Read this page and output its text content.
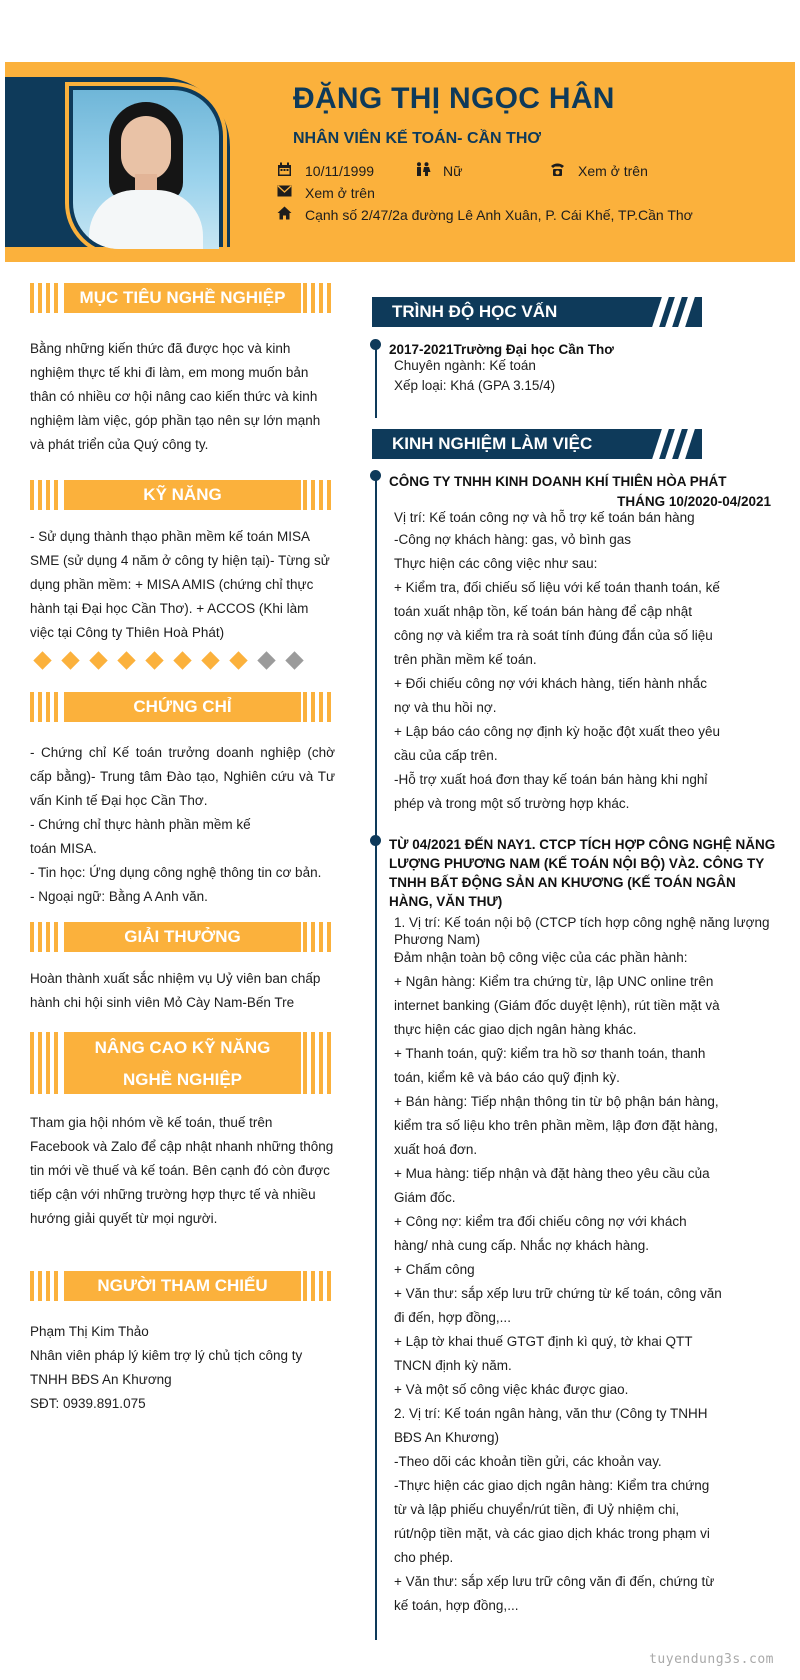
ĐẶNG THỊ NGỌC HÂN
NHÂN VIÊN KẾ TOÁN- CẦN THƠ
10/11/1999	Nữ	Xem ở trên
Xem ở trên
Cạnh số 2/47/2a đường Lê Anh Xuân, P. Cái Khế, TP.Cần Thơ
MỤC TIÊU NGHỀ NGHIỆP
Bằng những kiến thức đã được học và kinh nghiệm thực tế khi đi làm, em mong muốn bản thân có nhiều cơ hội nâng cao kiến thức và kinh nghiệm làm việc, góp phần tạo nên sự lớn mạnh và phát triển của Quý công ty.
KỸ NĂNG
- Sử dụng thành thạo phần mềm kế toán MISA SME (sử dụng 4 năm ở công ty hiện tại)- Từng sử dụng phần mềm: + MISA AMIS (chứng chỉ thực hành tại Đại học Cần Thơ). + ACCOS (Khi làm việc tại Công ty Thiên Hoà Phát)
CHỨNG CHỈ
- Chứng chỉ Kế toán trưởng doanh nghiệp (chờ cấp bằng)- Trung tâm Đào tạo, Nghiên cứu và Tư vấn Kinh tế Đại học Cần Thơ.
- Chứng chỉ thực hành phần mềm kế toán MISA.
- Tin học: Ứng dụng công nghệ thông tin cơ bản.
- Ngoại ngữ: Bằng A Anh văn.
GIẢI THƯỞNG
Hoàn thành xuất sắc nhiệm vụ Uỷ viên ban chấp hành chi hội sinh viên Mỏ Cày Nam-Bến Tre
NÂNG CAO KỸ NĂNG NGHỀ NGHIỆP
Tham gia hội nhóm về kế toán, thuế trên Facebook và Zalo để cập nhật nhanh những thông tin mới về thuế và kế toán. Bên cạnh đó còn được tiếp cận với những trường hợp thực tế và nhiều hướng giải quyết từ mọi người.
NGƯỜI THAM CHIẾU
Phạm Thị Kim Thảo
Nhân viên pháp lý kiêm trợ lý chủ tịch công ty TNHH BĐS An Khương
SĐT: 0939.891.075
TRÌNH ĐỘ HỌC VẤN
2017-2021Trường Đại học Cần Thơ
Chuyên ngành: Kế toán
Xếp loại: Khá (GPA 3.15/4)
KINH NGHIỆM LÀM VIỆC
CÔNG TY TNHH KINH DOANH KHÍ THIÊN HÒA PHÁT
THÁNG 10/2020-04/2021
Vị trí: Kế toán công nợ và hỗ trợ kế toán bán hàng
-Công nợ khách hàng: gas, vỏ bình gas
Thực hiện các công việc như sau:
+ Kiểm tra, đối chiếu số liệu với kế toán thanh toán, kế toán xuất nhập tồn, kế toán bán hàng để cập nhật công nợ và kiểm tra rà soát tính đúng đắn của số liệu trên phần mềm kế toán.
+ Đối chiếu công nợ với khách hàng, tiến hành nhắc nợ và thu hồi nợ.
+ Lập báo cáo công nợ định kỳ hoặc đột xuất theo yêu cầu của cấp trên.
-Hỗ trợ xuất hoá đơn thay kế toán bán hàng khi nghỉ phép và trong một số trường hợp khác.
TỪ 04/2021 ĐẾN NAY1. CTCP TÍCH HỢP CÔNG NGHỆ NĂNG LƯỢNG PHƯƠNG NAM (KẾ TOÁN NỘI BỘ) VÀ2. CÔNG TY TNHH BẤT ĐỘNG SẢN AN KHƯƠNG (KẾ TOÁN NGÂN HÀNG, VĂN THƯ)
1. Vị trí: Kế toán nội bộ (CTCP tích hợp công nghệ năng lượng Phương Nam)
Đảm nhận toàn bộ công việc của các phần hành:
+ Ngân hàng: Kiểm tra chứng từ, lập UNC online trên internet banking (Giám đốc duyệt lệnh), rút tiền mặt và thực hiện các giao dịch ngân hàng khác.
+ Thanh toán, quỹ: kiểm tra hồ sơ thanh toán, thanh toán, kiểm kê và báo cáo quỹ định kỳ.
+ Bán hàng: Tiếp nhận thông tin từ bộ phận bán hàng, kiểm tra số liệu kho trên phần mềm, lập đơn đặt hàng, xuất hoá đơn.
+ Mua hàng: tiếp nhận và đặt hàng theo yêu cầu của Giám đốc.
+ Công nợ: kiểm tra đối chiếu công nợ với khách hàng/ nhà cung cấp. Nhắc nợ khách hàng.
+ Chấm công
+ Văn thư: sắp xếp lưu trữ chứng từ kế toán, công văn đi đến, hợp đồng,...
+ Lập tờ khai thuế GTGT định kì quý, tờ khai QTT TNCN định kỳ năm.
+ Và một số công việc khác được giao.
2. Vị trí: Kế toán ngân hàng, văn thư (Công ty TNHH BĐS An Khương)
-Theo dõi các khoản tiền gửi, các khoản vay.
-Thực hiện các giao dịch ngân hàng: Kiểm tra chứng từ và lập phiếu chuyển/rút tiền, đi Uỷ nhiệm chi, rút/nộp tiền mặt, và các giao dịch khác trong phạm vi cho phép.
+ Văn thư: sắp xếp lưu trữ công văn đi đến, chứng từ kế toán, hợp đồng,...
tuyendung3s.com
